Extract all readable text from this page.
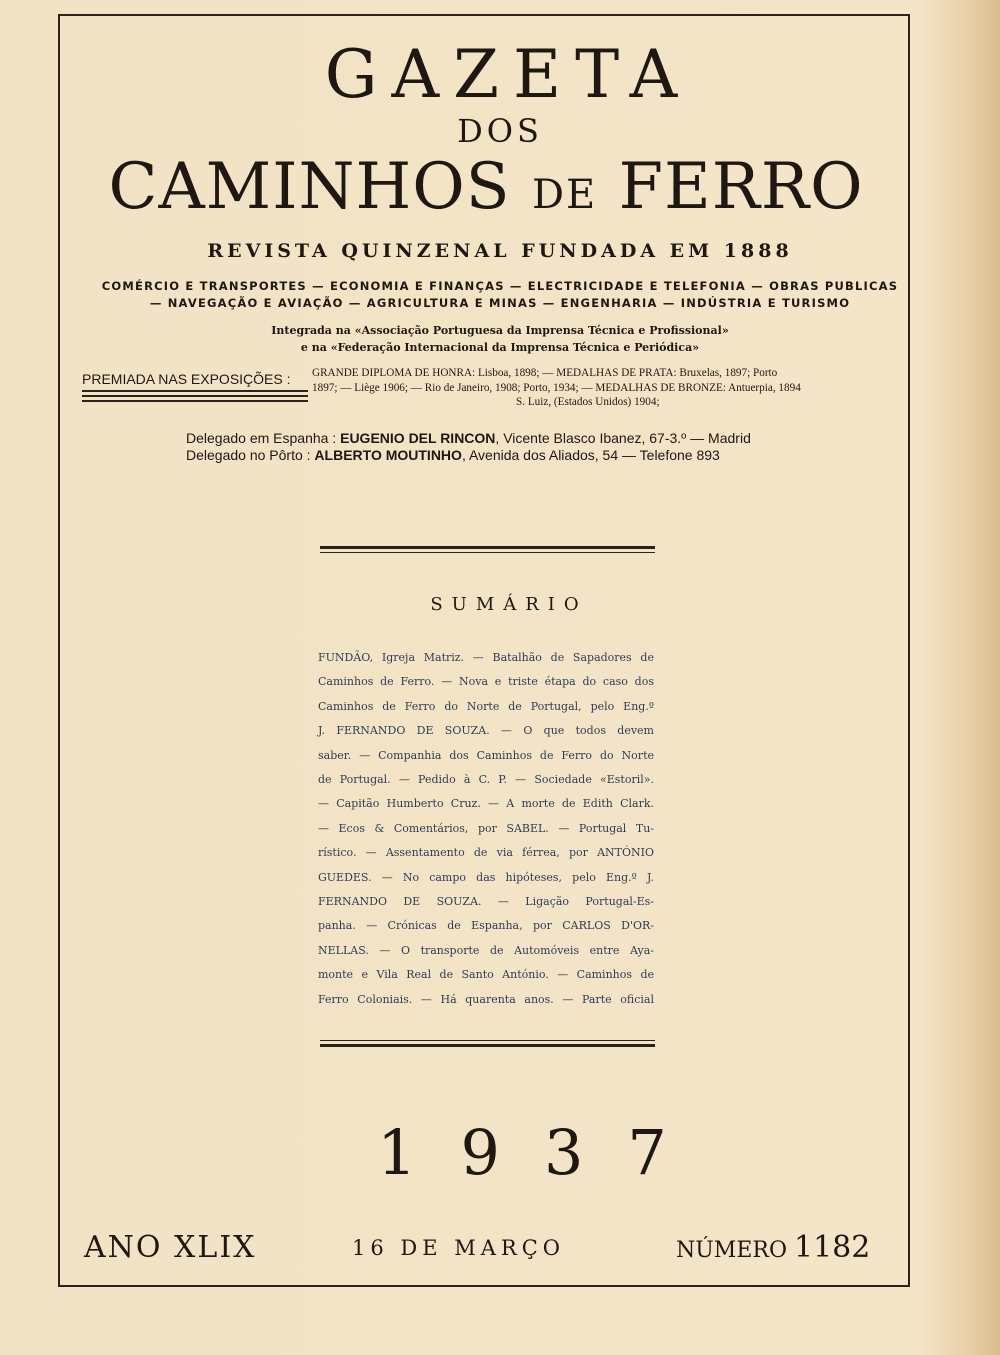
GAZETA
DOS
CAMINHOS DE FERRO
REVISTA QUINZENAL FUNDADA EM 1888
COMÉRCIO E TRANSPORTES — ECONOMIA E FINANÇAS — ELECTRICIDADE E TELEFONIA — OBRAS PUBLICAS
— NAVEGAÇÃO E AVIAÇÃO — AGRICULTURA E MINAS — ENGENHARIA — INDÚSTRIA E TURISMO
Integrada na «Associação Portuguesa da Imprensa Técnica e Profissional»
e na «Federação Internacional da Imprensa Técnica e Periódica»
PREMIADA NAS EXPOSIÇÕES : GRANDE DIPLOMA DE HONRA: Lisboa, 1898; — MEDALHAS DE PRATA: Bruxelas, 1897; Porto

1897; — Liège 1906; — Rio de Janeiro, 1908; Porto, 1934; — MEDALHAS DE BRONZE: Antuerpia, 1894

S. Luiz, (Estados Unidos) 1904;

Delegado em Espanha : EUGENIO DEL RINCON, Vicente Blasco Ibanez, 67-3.º — Madrid
Delegado no Pôrto : ALBERTO MOUTINHO, Avenida dos Aliados, 54 — Telefone 893
SUMÁRIO
FUNDÃO, Igreja Matriz. — Batalhão de Sapadores de
Caminhos de Ferro. — Nova e triste étapa do caso dos
Caminhos de Ferro do Norte de Portugal, pelo Eng.º
J. FERNANDO DE SOUZA. — O que todos devem
saber. — Companhia dos Caminhos de Ferro do Norte
de Portugal. — Pedido à C. P. — Sociedade «Estoril».
— Capitão Humberto Cruz. — A morte de Edith Clark.
— Ecos & Comentários, por SABEL. — Portugal Tu-
rístico. — Assentamento de via férrea, por ANTÓNIO
GUEDES. — No campo das hipóteses, pelo Eng.º J.
FERNANDO DE SOUZA. — Ligação Portugal-Es-
panha. — Crónicas de Espanha, por CARLOS D'OR-
NELLAS. — O transporte de Automóveis entre Aya-
monte e Vila Real de Santo António. — Caminhos de
Ferro Coloniais. — Há quarenta anos. — Parte oficial
1937
ANO XLIX	16 DE MARÇO	NÚMERO 1182
